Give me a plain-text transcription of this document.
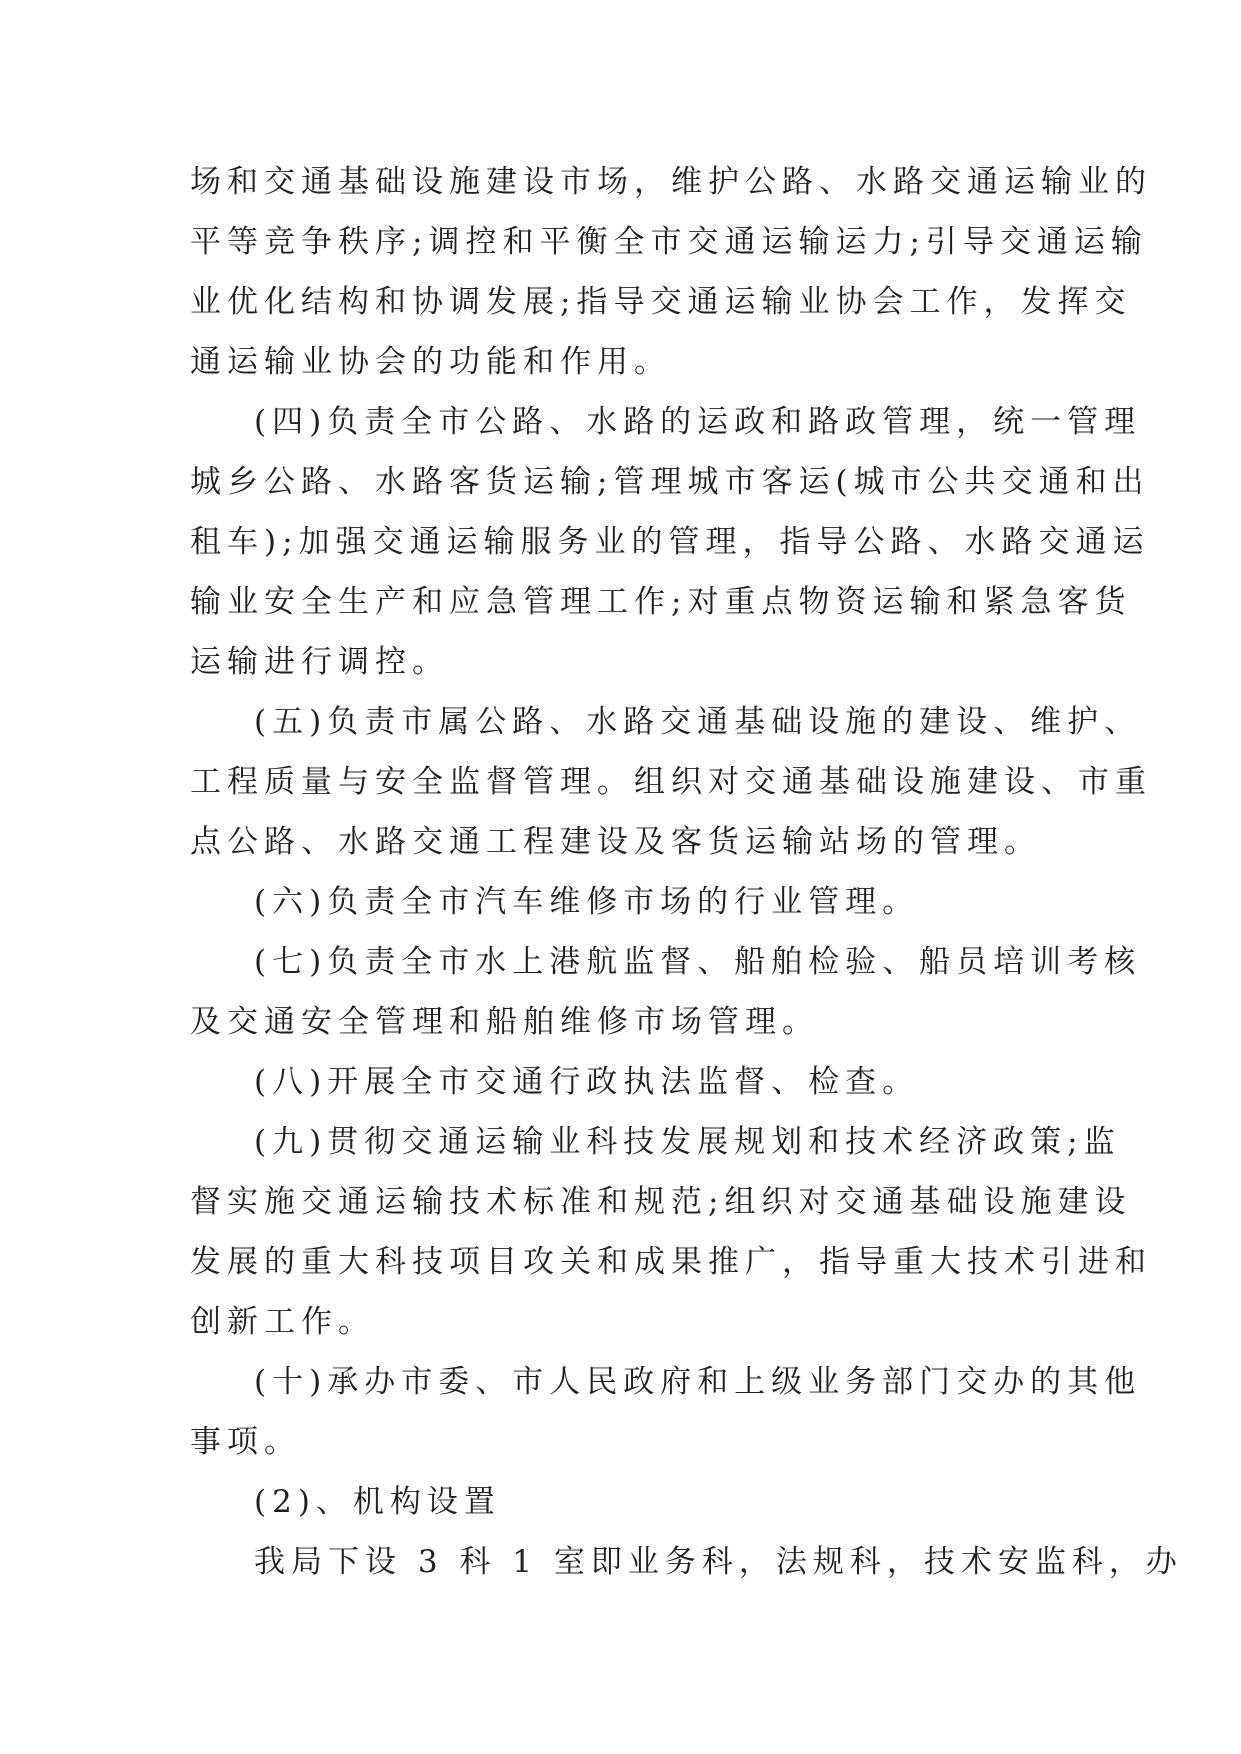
场和交通基础设施建设市场，维护公路、水路交通运输业的
平等竞争秩序;调控和平衡全市交通运输运力;引导交通运输
业优化结构和协调发展;指导交通运输业协会工作，发挥交
通运输业协会的功能和作用。

(四)负责全市公路、水路的运政和路政管理，统一管理
城乡公路、水路客货运输;管理城市客运(城市公共交通和出
租车);加强交通运输服务业的管理，指导公路、水路交通运
输业安全生产和应急管理工作;对重点物资运输和紧急客货
运输进行调控。

(五)负责市属公路、水路交通基础设施的建设、维护、
工程质量与安全监督管理。组织对交通基础设施建设、市重
点公路、水路交通工程建设及客货运输站场的管理。

(六)负责全市汽车维修市场的行业管理。

(七)负责全市水上港航监督、船舶检验、船员培训考核
及交通安全管理和船舶维修市场管理。

(八)开展全市交通行政执法监督、检查。

(九)贯彻交通运输业科技发展规划和技术经济政策;监
督实施交通运输技术标准和规范;组织对交通基础设施建设
发展的重大科技项目攻关和成果推广，指导重大技术引进和
创新工作。

(十)承办市委、市人民政府和上级业务部门交办的其他
事项。

(2)、机构设置

我局下设 3 科 1 室即业务科，法规科，技术安监科，办
